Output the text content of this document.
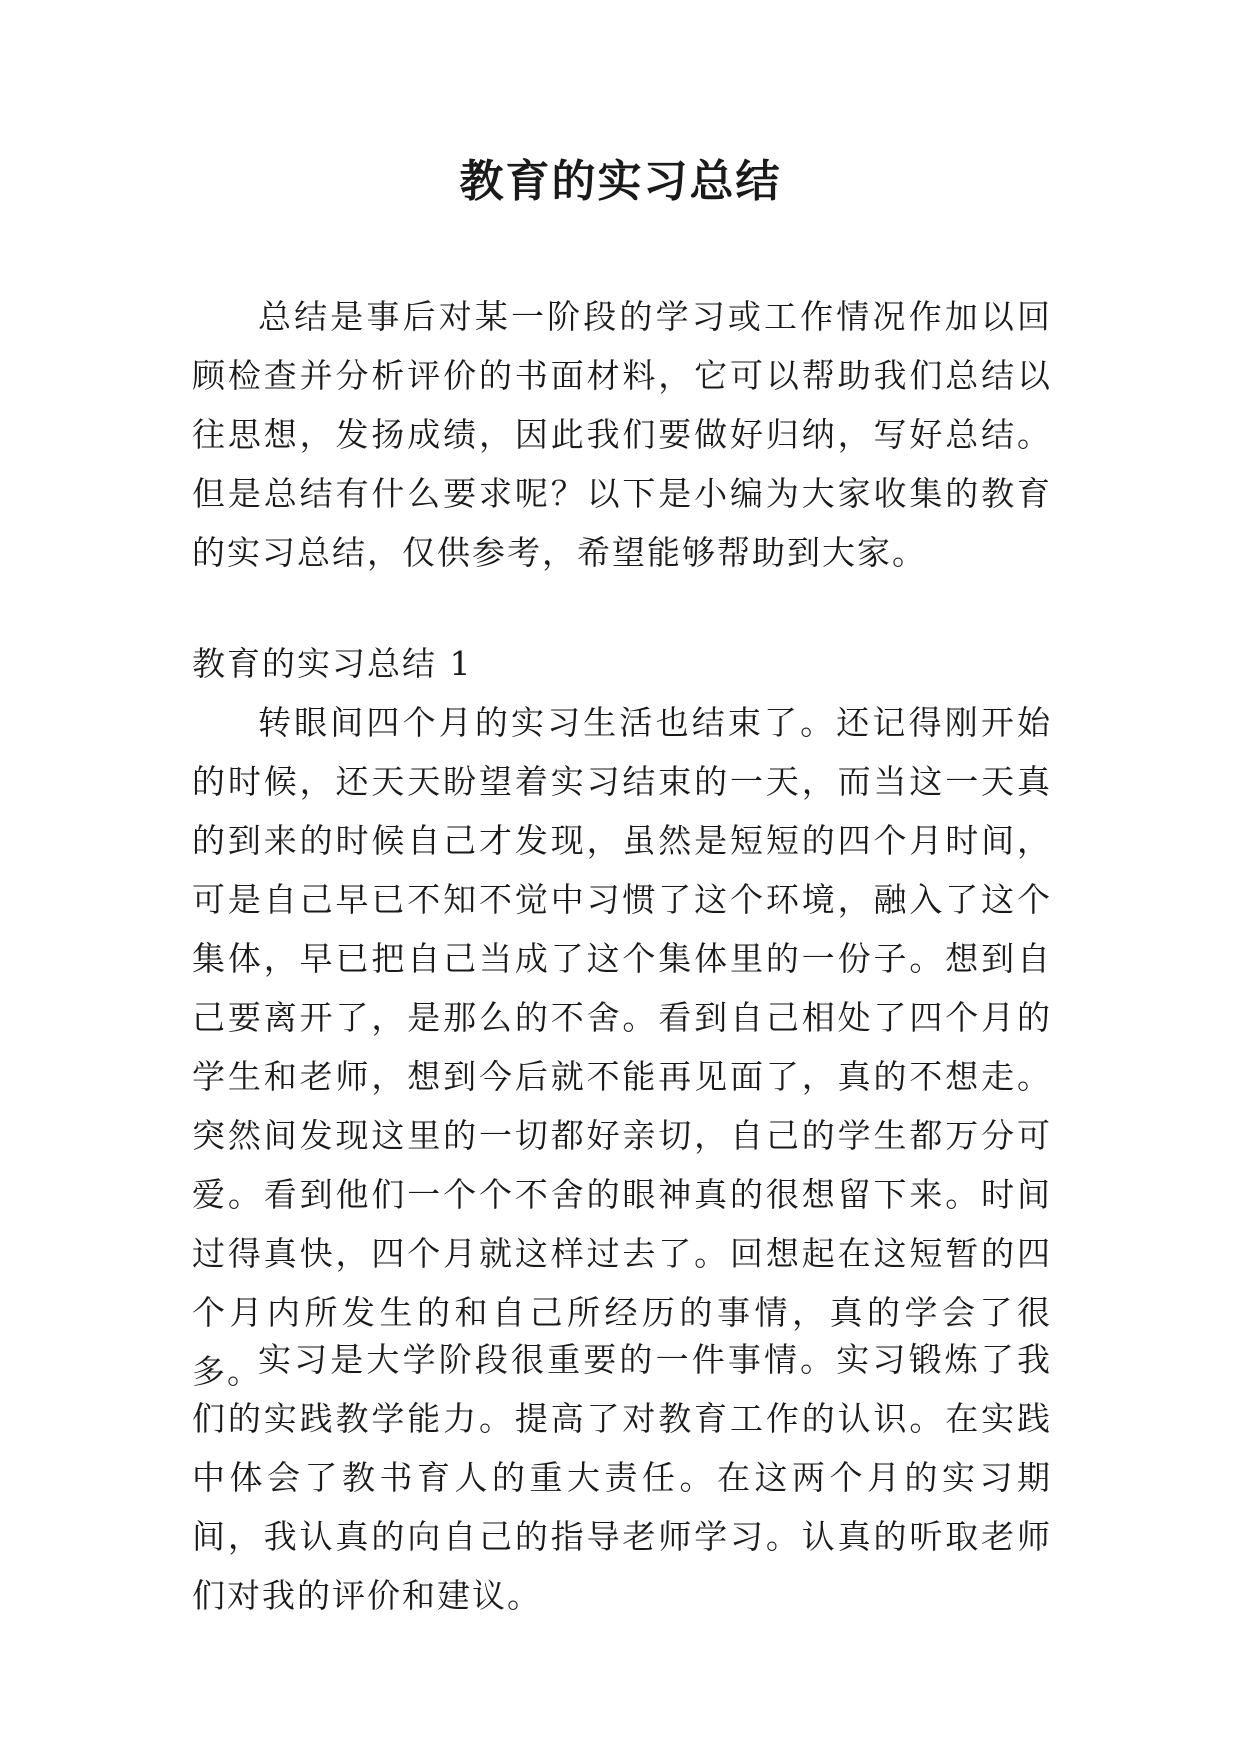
教育的实习总结

总结是事后对某一阶段的学习或工作情况作加以回顾检查并分析评价的书面材料，它可以帮助我们总结以往思想，发扬成绩，因此我们要做好归纳，写好总结。但是总结有什么要求呢？以下是小编为大家收集的教育的实习总结，仅供参考，希望能够帮助到大家。

教育的实习总结 1

转眼间四个月的实习生活也结束了。还记得刚开始的时候，还天天盼望着实习结束的一天，而当这一天真的到来的时候自己才发现，虽然是短短的四个月时间，可是自己早已不知不觉中习惯了这个环境，融入了这个集体，早已把自己当成了这个集体里的一份子。想到自己要离开了，是那么的不舍。看到自己相处了四个月的学生和老师，想到今后就不能再见面了，真的不想走。突然间发现这里的一切都好亲切，自己的学生都万分可爱。看到他们一个个不舍的眼神真的很想留下来。时间过得真快，四个月就这样过去了。回想起在这短暂的四个月内所发生的和自己所经历的事情，真的学会了很多。

实习是大学阶段很重要的一件事情。实习锻炼了我们的实践教学能力。提高了对教育工作的认识。在实践中体会了教书育人的重大责任。在这两个月的实习期间，我认真的向自己的指导老师学习。认真的听取老师们对我的评价和建议。
